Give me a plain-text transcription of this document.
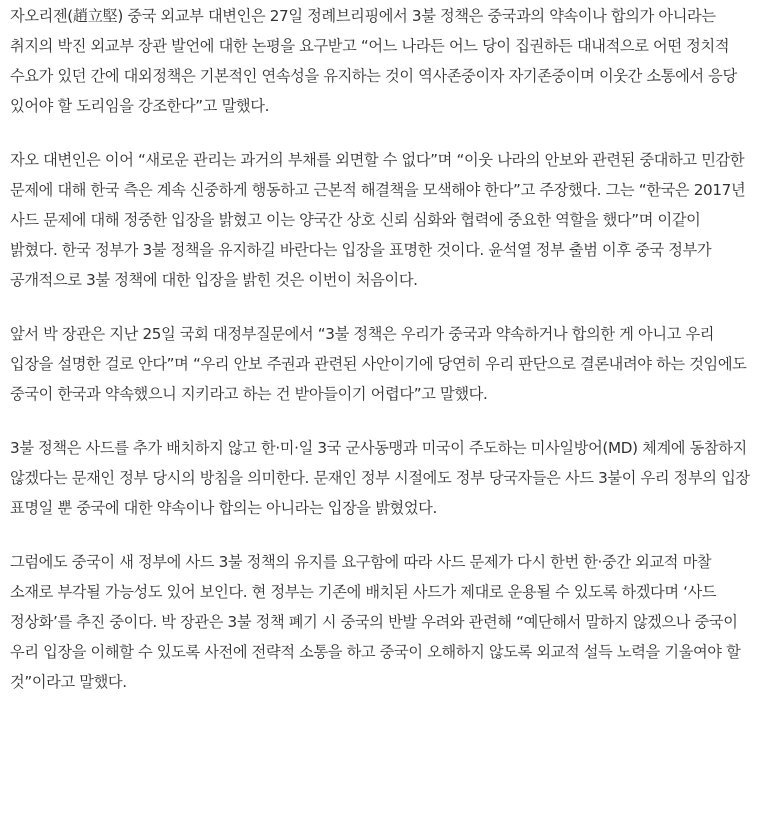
자오리젠(趙立堅) 중국 외교부 대변인은 27일 정례브리핑에서 3불 정책은 중국과의 약속이나 합의가 아니라는 취지의 박진 외교부 장관 발언에 대한 논평을 요구받고 “어느 나라든 어느 당이 집권하든 대내적으로 어떤 정치적 수요가 있던 간에 대외정책은 기본적인 연속성을 유지하는 것이 역사존중이자 자기존중이며 이웃간 소통에서 응당 있어야 할 도리임을 강조한다”고 말했다.

자오 대변인은 이어 “새로운 관리는 과거의 부채를 외면할 수 없다”며 “이웃 나라의 안보와 관련된 중대하고 민감한 문제에 대해 한국 측은 계속 신중하게 행동하고 근본적 해결책을 모색해야 한다”고 주장했다. 그는 “한국은 2017년 사드 문제에 대해 정중한 입장을 밝혔고 이는 양국간 상호 신뢰 심화와 협력에 중요한 역할을 했다”며 이같이 밝혔다. 한국 정부가 3불 정책을 유지하길 바란다는 입장을 표명한 것이다. 윤석열 정부 출범 이후 중국 정부가 공개적으로 3불 정책에 대한 입장을 밝힌 것은 이번이 처음이다.

앞서 박 장관은 지난 25일 국회 대정부질문에서 “3불 정책은 우리가 중국과 약속하거나 합의한 게 아니고 우리 입장을 설명한 걸로 안다”며 “우리 안보 주권과 관련된 사안이기에 당연히 우리 판단으로 결론내려야 하는 것임에도 중국이 한국과 약속했으니 지키라고 하는 건 받아들이기 어렵다”고 말했다.

3불 정책은 사드를 추가 배치하지 않고 한·미·일 3국 군사동맹과 미국이 주도하는 미사일방어(MD) 체계에 동참하지 않겠다는 문재인 정부 당시의 방침을 의미한다. 문재인 정부 시절에도 정부 당국자들은 사드 3불이 우리 정부의 입장 표명일 뿐 중국에 대한 약속이나 합의는 아니라는 입장을 밝혔었다.

그럼에도 중국이 새 정부에 사드 3불 정책의 유지를 요구함에 따라 사드 문제가 다시 한번 한·중간 외교적 마찰 소재로 부각될 가능성도 있어 보인다. 현 정부는 기존에 배치된 사드가 제대로 운용될 수 있도록 하겠다며 ‘사드 정상화’를 추진 중이다. 박 장관은 3불 정책 폐기 시 중국의 반발 우려와 관련해 “예단해서 말하지 않겠으나 중국이 우리 입장을 이해할 수 있도록 사전에 전략적 소통을 하고 중국이 오해하지 않도록 외교적 설득 노력을 기울여야 할 것”이라고 말했다.
